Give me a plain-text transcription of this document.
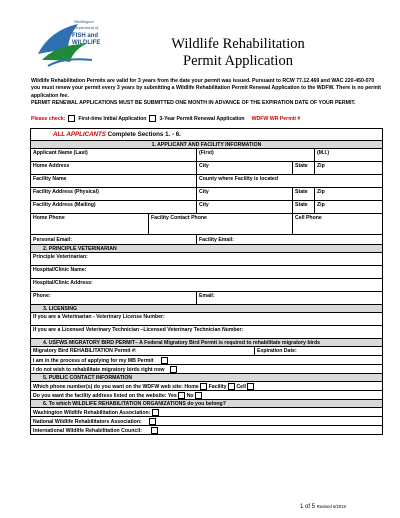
Washington
Department of
FISH and
WILDLIFE	Wildlife Rehabilitation
Permit Application

Wildlife Rehabilitation Permits are valid for 3 years from the date your permit was issued. Pursuant to RCW 77.12.469 and WAC 220-450-070 you must renew your permit every 3 years by submitting a Wildlife Rehabilitation Permit Renewal Application to the WDFW. There is no permit application fee.

PERMIT RENEWAL APPLICATIONS MUST BE SUBMITTED ONE MONTH IN ADVANCE OF THE EXPIRATION DATE OF YOUR PERMIT.

Please check:	First-time Initial Application	3-Year Permit Renewal Application WDFW WR Permit #
ALL APPLICANTS Complete Sections 1. - 6.					
1. APPLICANT AND FACILITY INFORMATION					
Applicant Name (Last)		(First)			(M.I.)
Home Address		City		State	Zip
Facility Name		County where Facility is located			
Facility Address (Physical)		City		State	Zip
Facility Address (Mailing)		City		State	Zip
Home Phone	Facility Contact Phone			Cell Phone	
Personal Email:		Facility Email:			
2. PRINCIPLE VETERINARIAN					
Principle Veterinarian:					
Hospital/Clinic Name:					
Hospital/Clinic Address:					
Phone:		Email:			
3. LICENSING					
If you are a Veterinarian - Veterinary License Number:					
If you are a Licensed Veterinary Technician –Licensed Veterinary Technician Number:					
4. USFWS MIGRATORY BIRD PERMIT– A Federal Migratory Bird Permit is required to rehabilitate migratory birds					
Migratory Bird REHABILITATION Permit #:			Expiration Date:		
I am in the process of applying for my MB Permit					
I do not wish to rehabilitate migratory birds right now					
5. PUBLIC CONTACT INFORMATION					
Which phone number(s) do you want on the WDFW web site: Home Facility Cell					
Do you want the facility address listed on the website: Yes No					
6. To which WILDLIFE REHABILITATION ORGANIZATIONS do you belong?					
Washington Wildlife Rehabilitation Association:					
National Wildlife Rehabilitators Association:					
International Wildlife Rehabilitation Council:					
1 of 5 Revised 6/2019
